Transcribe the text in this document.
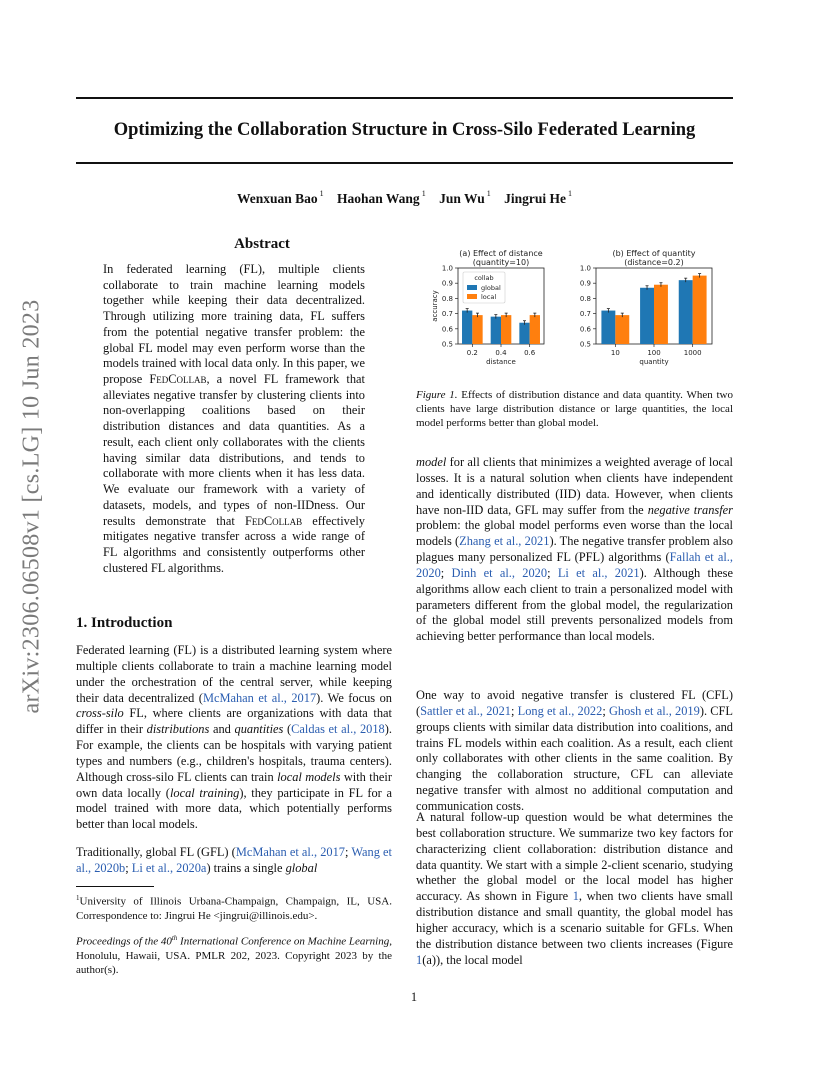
arXiv:2306.06508v1 [cs.LG] 10 Jun 2023
Optimizing the Collaboration Structure in Cross-Silo Federated Learning
Wenxuan Bao $^1$ Haohan Wang $^1$ Jun Wu $^1$ Jingrui He $^1$
Abstract
In federated learning (FL), multiple clients collaborate to train machine learning models together while keeping their data decentralized. Through utilizing more training data, FL suffers from the potential negative transfer problem: the global FL model may even perform worse than the models trained with local data only. In this paper, we propose FedCollab, a novel FL framework that alleviates negative transfer by clustering clients into non-overlapping coalitions based on their distribution distances and data quantities. As a result, each client only collaborates with the clients having similar data distributions, and tends to collaborate with more clients when it has less data. We evaluate our framework with a variety of datasets, models, and types of non-IIDness. Our results demonstrate that FedCollab effectively mitigates negative transfer across a wide range of FL algorithms and consistently outperforms other clustered FL algorithms.
1. Introduction
Federated learning (FL) is a distributed learning system where multiple clients collaborate to train a machine learning model under the orchestration of the central server, while keeping their data decentralized (McMahan et al., 2017). We focus on cross-silo FL, where clients are organizations with data that differ in their distributions and quantities (Caldas et al., 2018). For example, the clients can be hospitals with varying patient types and numbers (e.g., children's hospitals, trauma centers). Although cross-silo FL clients can train local models with their own data locally (local training), they participate in FL for a model trained with more data, which potentially performs better than local models.
Traditionally, global FL (GFL) (McMahan et al., 2017; Wang et al., 2020b; Li et al., 2020a) trains a single global
$^1$University of Illinois Urbana-Champaign, Champaign, IL, USA. Correspondence to: Jingrui He <jingrui@illinois.edu>.
Proceedings of the 40th International Conference on Machine Learning, Honolulu, Hawaii, USA. PMLR 202, 2023. Copyright 2023 by the author(s).
(a) Effect of distance
(quantity=10)
0.5
0.6
0.7
0.8
0.9
1.0
0.2	0.4	0.6
distance
accuracy
collab
global
local
(b) Effect of quantity
(distance=0.2)
0.5
0.6
0.7
0.8
0.9
1.0
10	100	1000
quantity
Figure 1. Effects of distribution distance and data quantity. When two clients have large distribution distance or large quantities, the local model performs better than global model.
model for all clients that minimizes a weighted average of local losses. It is a natural solution when clients have independent and identically distributed (IID) data. However, when clients have non-IID data, GFL may suffer from the negative transfer problem: the global model performs even worse than the local models (Zhang et al., 2021). The negative transfer problem also plagues many personalized FL (PFL) algorithms (Fallah et al., 2020; Dinh et al., 2020; Li et al., 2021). Although these algorithms allow each client to train a personalized model with parameters different from the global model, the regularization of the global model still prevents personalized models from achieving better performance than local models.
One way to avoid negative transfer is clustered FL (CFL) (Sattler et al., 2021; Long et al., 2022; Ghosh et al., 2019). CFL groups clients with similar data distribution into coalitions, and trains FL models within each coalition. As a result, each client only collaborates with other clients in the same coalition. By changing the collaboration structure, CFL can alleviate negative transfer with almost no additional computation and communication costs.
A natural follow-up question would be what determines the best collaboration structure. We summarize two key factors for characterizing client collaboration: distribution distance and data quantity. We start with a simple 2-client scenario, studying whether the global model or the local model has higher accuracy. As shown in Figure 1, when two clients have small distribution distance and small quantity, the global model has higher accuracy, which is a scenario suitable for GFLs. When the distribution distance between two clients increases (Figure 1(a)), the local model
1
